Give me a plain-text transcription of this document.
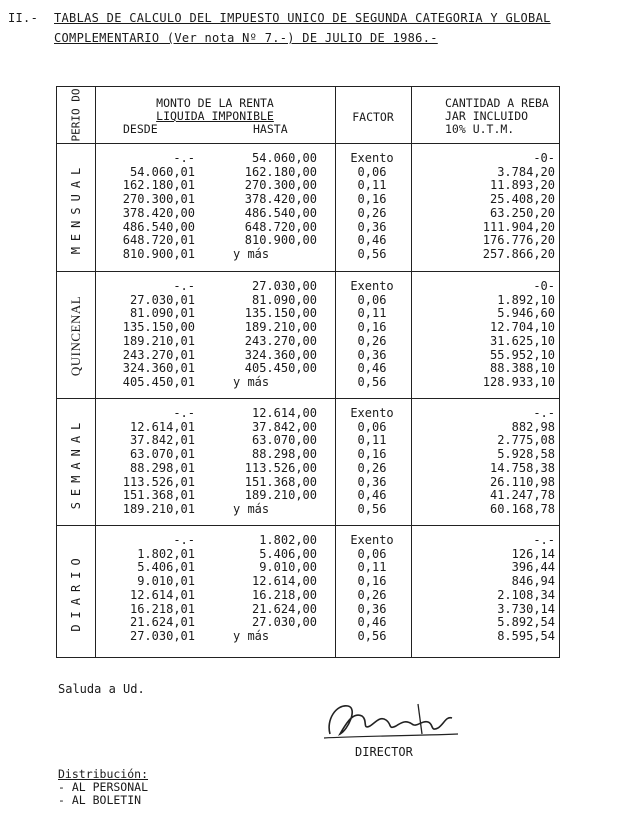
II.- TABLAS DE CALCULO DEL IMPUESTO UNICO DE SEGUNDA CATEGORIA Y GLOBAL
COMPLEMENTARIO (Ver nota Nº 7.-) DE JULIO DE 1986.-
PERIO DO	MONTO DE LA RENTA
LIQUIDA IMPONIBLE
DESDE	HASTA
FACTOR
CANTIDAD A REBA
JAR INCLUIDO
10% U.T.M.
MENSUAL
-.-	54.060,00	Exento	-0-
54.060,01	162.180,00	0,06	3.784,20
162.180,01	270.300,00	0,11	11.893,20
270.300,01	378.420,00	0,16	25.408,20
378.420,00	486.540,00	0,26	63.250,20
486.540,00	648.720,00	0,36	111.904,20
648.720,01	810.900,00	0,46	176.776,20
810.900,01	y más	0,56	257.866,20
QUINCENAL
-.-	27.030,00	Exento	-0-
27.030,01	81.090,00	0,06	1.892,10
81.090,01	135.150,00	0,11	5.946,60
135.150,00	189.210,00	0,16	12.704,10
189.210,01	243.270,00	0,26	31.625,10
243.270,01	324.360,00	0,36	55.952,10
324.360,01	405.450,00	0,46	88.388,10
405.450,01	y más	0,56	128.933,10
SEMANAL
-.-	12.614,00	Exento	-.-
12.614,01	37.842,00	0,06	882,98
37.842,01	63.070,00	0,11	2.775,08
63.070,01	88.298,00	0,16	5.928,58
88.298,01	113.526,00	0,26	14.758,38
113.526,01	151.368,00	0,36	26.110,98
151.368,01	189.210,00	0,46	41.247,78
189.210,01	y más	0,56	60.168,78
DIARIO
-.-	1.802,00	Exento	-.-
1.802,01	5.406,00	0,06	126,14
5.406,01	9.010,00	0,11	396,44
9.010,01	12.614,00	0,16	846,94
12.614,01	16.218,00	0,26	2.108,34
16.218,01	21.624,00	0,36	3.730,14
21.624,01	27.030,00	0,46	5.892,54
27.030,01	y más	0,56	8.595,54
Saluda a Ud.
DIRECTOR
Distribución:
- AL PERSONAL
- AL BOLETIN
